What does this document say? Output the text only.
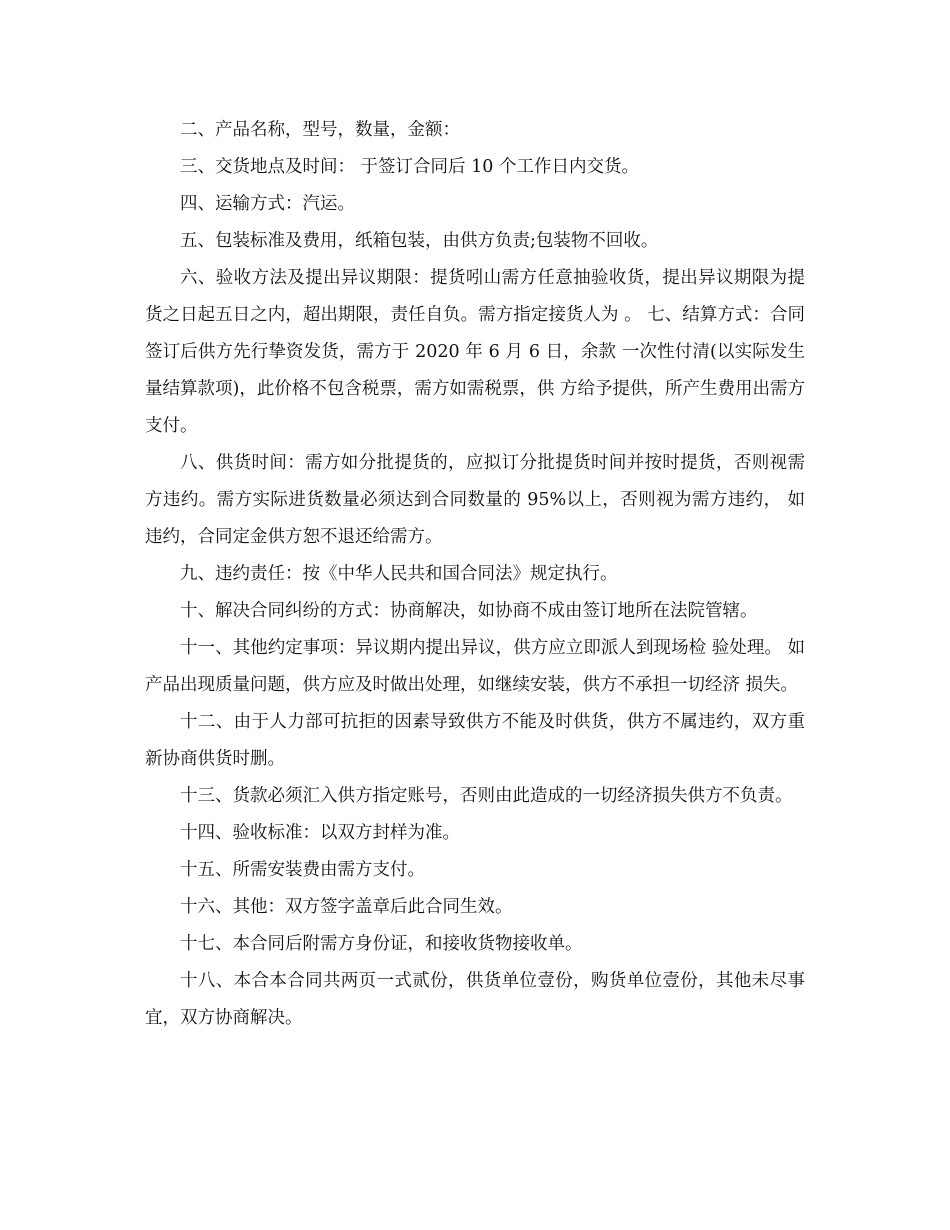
二、产品名称，型号，数量，金额：

三、交货地点及时间： 于签订合同后 10 个工作日内交货。

四、运输方式：汽运。

五、包装标准及费用，纸箱包装，由供方负责;包装物不回收。

六、验收方法及提出异议期限：提货吲山需方任意抽验收货，提出异议期限为提 货之日起五日之内，超出期限，责任自负。需方指定接货人为 。 七、结算方式：合同签订后供方先行挚资发货，需方于 2020 年 6 月 6 日，余款 一次性付清(以实际发生量结算款项)，此价格不包含税票，需方如需税票，供 方给予提供，所产生费用出需方支付。

八、供货时间：需方如分批提货的，应拟订分批提货时间并按时提货，否则视需 方违约。需方实际进货数量必须达到合同数量的 95%以上，否则视为需方违约， 如违约，合同定金供方恕不退还给需方。

九、违约责任：按《中华人民共和国合同法》规定执行。

十、解决合同纠纷的方式：协商解决，如协商不成由签订地所在法院管辖。

十一、其他约定事项：异议期内提出异议，供方应立即派人到现场检 验处理。 如产品出现质量问题，供方应及时做出处理，如继续安装，供方不承担一切经济 损失。

十二、由于人力部可抗拒的因素导致供方不能及时供货，供方不属违约，双方重 新协商供货时删。

十三、货款必须汇入供方指定账号，否则由此造成的一切经济损失供方不负责。

十四、验收标准：以双方封样为准。

十五、所需安装费由需方支付。

十六、其他：双方签字盖章后此合同生效。

十七、本合同后附需方身份证，和接收货物接收单。

十八、本合本合同共两页一式贰份，供货单位壹份，购货单位壹份，其他未尽事 宜，双方协商解决。
